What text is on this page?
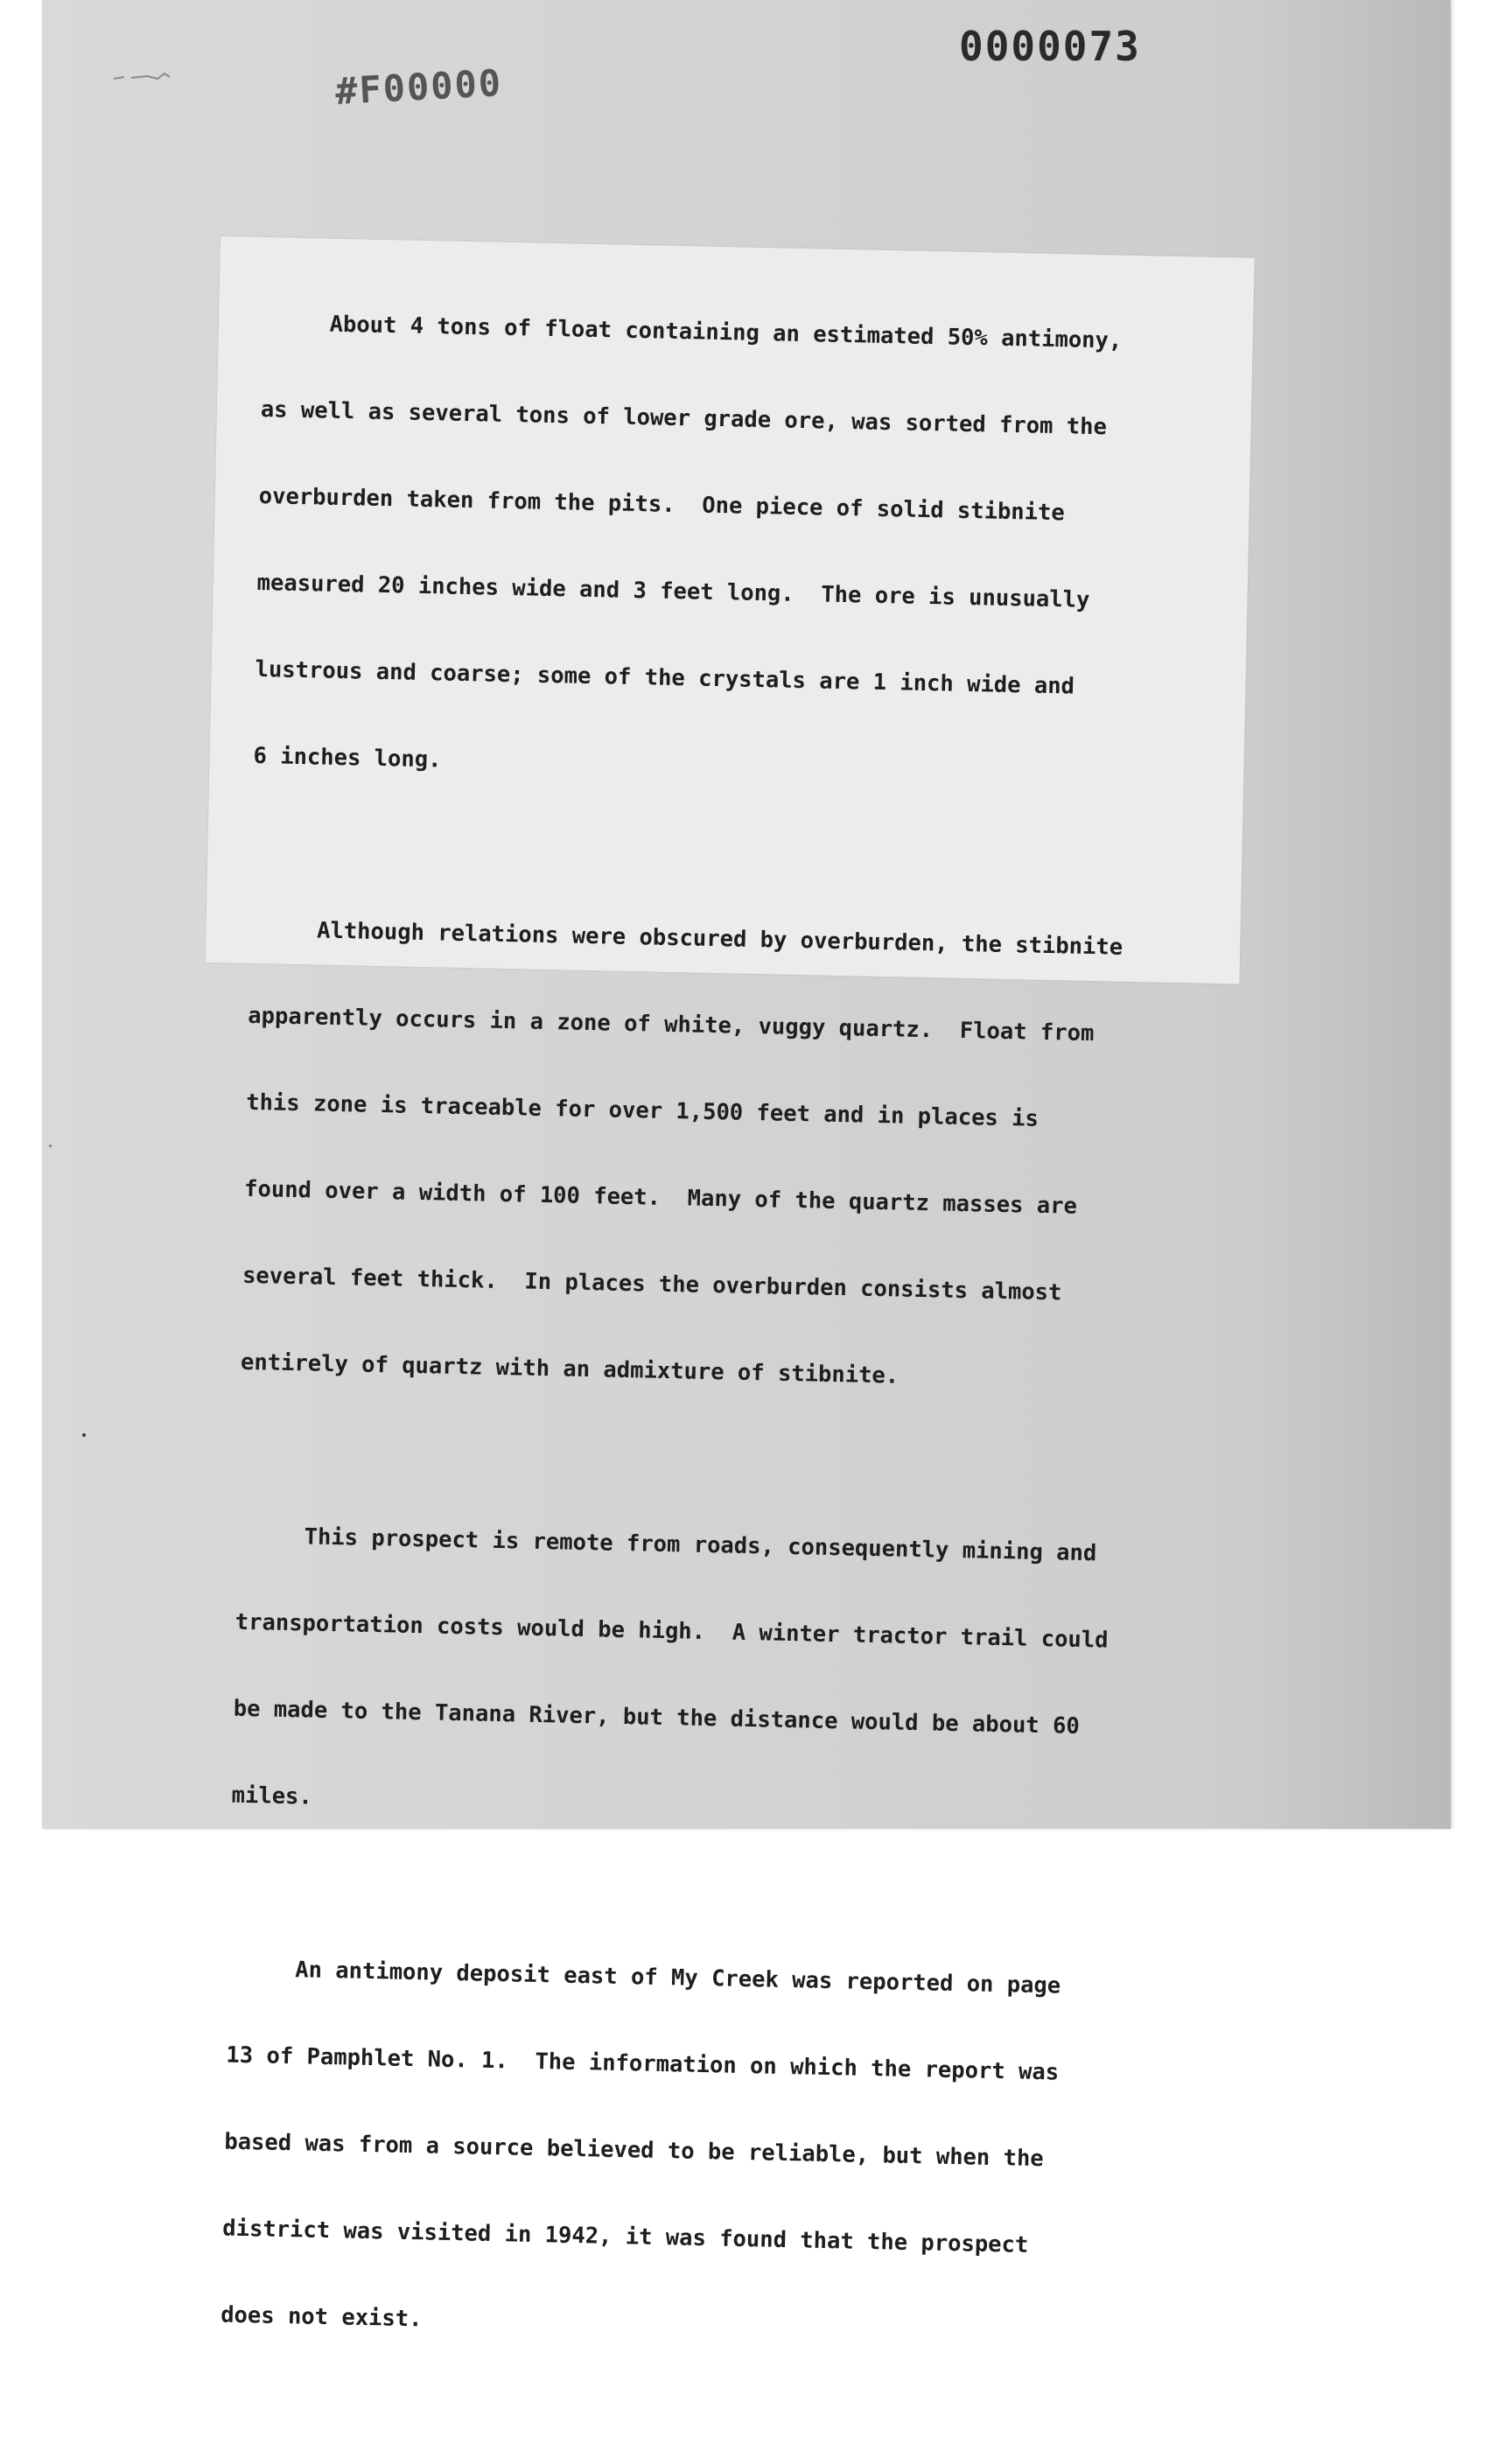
0000073
#F00000

About 4 tons of float containing an estimated 50% antimony,

as well as several tons of lower grade ore, was sorted from the

overburden taken from the pits.  One piece of solid stibnite

measured 20 inches wide and 3 feet long.  The ore is unusually

lustrous and coarse; some of the crystals are 1 inch wide and

6 inches long.

Although relations were obscured by overburden, the stibnite

apparently occurs in a zone of white, vuggy quartz.  Float from

this zone is traceable for over 1,500 feet and in places is

found over a width of 100 feet.  Many of the quartz masses are

several feet thick.  In places the overburden consists almost

entirely of quartz with an admixture of stibnite.

This prospect is remote from roads, consequently mining and

transportation costs would be high.  A winter tractor trail could

be made to the Tanana River, but the distance would be about 60

miles.

An antimony deposit east of My Creek was reported on page

13 of Pamphlet No. 1.  The information on which the report was

based was from a source believed to be reliable, but when the

district was visited in 1942, it was found that the prospect

does not exist.
